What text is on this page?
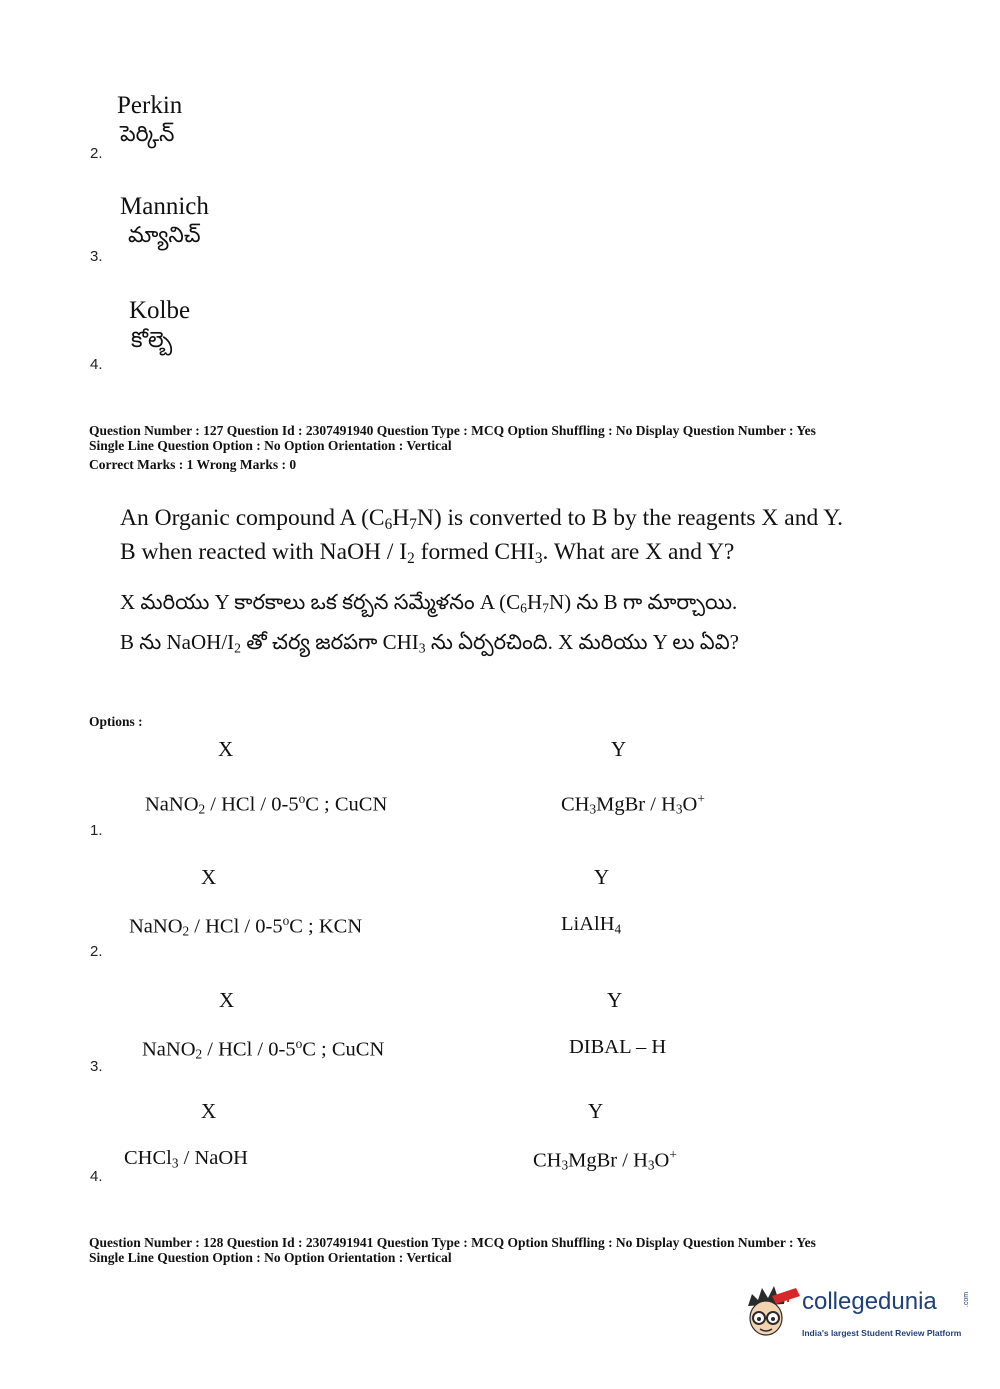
Perkin
పెర్కిన్
2.
Mannich
మ్యానిచ్
3.
Kolbe
కోల్బె
4.
Question Number : 127 Question Id : 2307491940 Question Type : MCQ Option Shuffling : No Display Question Number : Yes
Single Line Question Option : No Option Orientation : Vertical
Correct Marks : 1 Wrong Marks : 0
An Organic compound A $(C_6H_7N)$ is converted to B by the reagents X and Y.
B when reacted with NaOH / $I_2$ formed $CHI_3$. What are X and Y?
X మరియు Y కారకాలు ఒక కర్బన సమ్మేళనం A $(C_6H_7N)$ ను B గా మార్చాయి.
B ను NaOH/$I_2$ తో చర్య జరపగా $CHI_3$ ను ఏర్పరచింది. X మరియు Y లు ఏవి?
Options :
X	Y
NaNO$_2$ / HCl / 0-5$^o$C ; CuCN	$CH_3MgBr / H_3O^+$
1.
X	Y
NaNO$_2$ / HCl / 0-5$^o$C ; KCN	LiAlH$_4$
2.
X	Y
NaNO$_2$ / HCl / 0-5$^o$C ; CuCN	DIBAL – H
3.
X	Y
CHCl$_3$ / NaOH	$CH_3MgBr / H_3O^+$
4.
Question Number : 128 Question Id : 2307491941 Question Type : MCQ Option Shuffling : No Display Question Number : Yes
Single Line Question Option : No Option Orientation : Vertical
collegedunia	.com
India's largest Student Review Platform
